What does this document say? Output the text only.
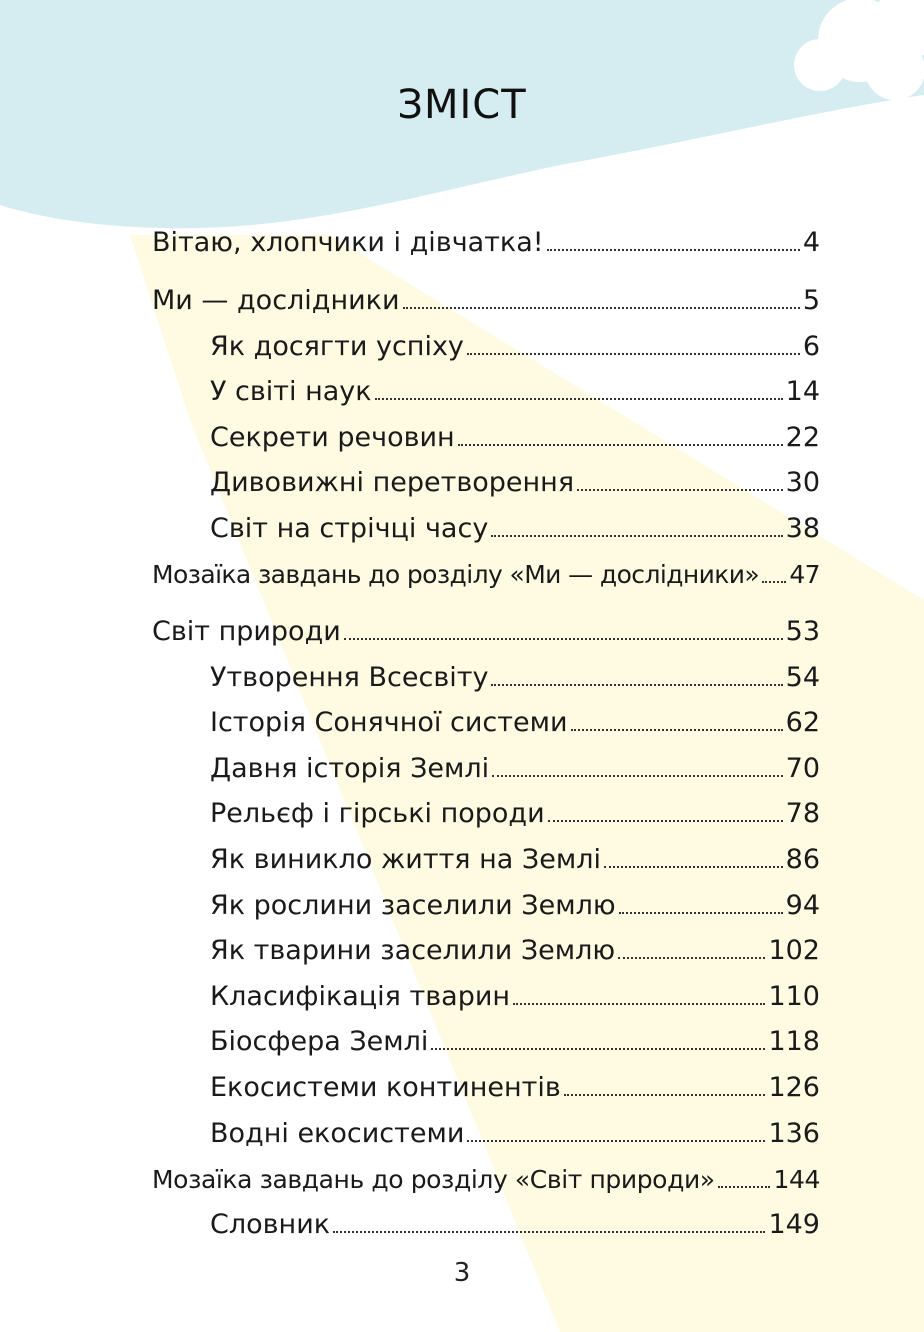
ЗМІСТ
Вітаю, хлопчики і дівчатка!	4
Ми — дослідники	5
Як досягти успіху	6
У світі наук	14
Секрети речовин	22
Дивовижні перетворення	30
Світ на стрічці часу	38
Мозаїка завдань до розділу «Ми — дослідники» 47
Світ природи	53
Утворення Всесвіту	54
Історія Сонячної системи	62
Давня історія Землі	70
Рельєф і гірські породи	78
Як виникло життя на Землі	86
Як рослини заселили Землю	94
Як тварини заселили Землю	102
Класифікація тварин	110
Біосфера Землі	118
Екосистеми континентів	126
Водні екосистеми	136
Мозаїка завдань до розділу «Світ природи» 144
Словник	149
3
